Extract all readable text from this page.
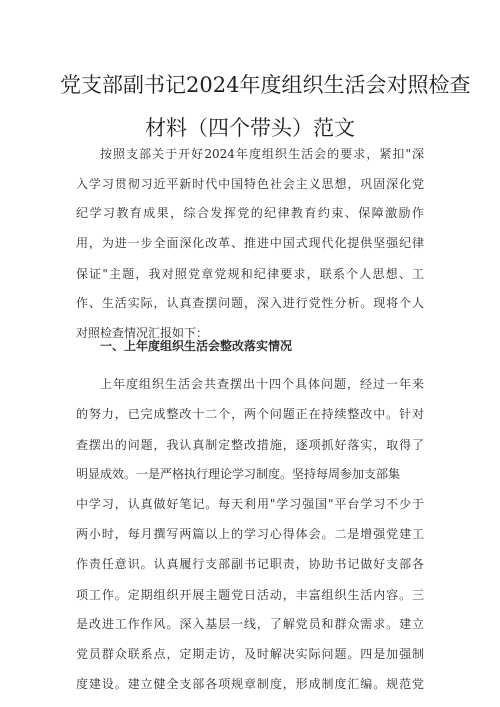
党支部副书记2024年度组织生活会对照检查
材料（四个带头）范文
按照支部关于开好2024年度组织生活会的要求，紧扣"深
入学习贯彻习近平新时代中国特色社会主义思想，巩固深化党
纪学习教育成果，综合发挥党的纪律教育约束、保障激励作
用，为进一步全面深化改革、推进中国式现代化提供坚强纪律
保证"主题，我对照党章党规和纪律要求，联系个人思想、工
作、生活实际，认真查摆问题，深入进行党性分析。现将个人
对照检查情况汇报如下：
一、上年度组织生活会整改落实情况
上年度组织生活会共查摆出十四个具体问题，经过一年来
的努力，已完成整改十二个，两个问题正在持续整改中。针对
查摆出的问题，我认真制定整改措施，逐项抓好落实，取得了
明显成效。一是严格执行理论学习制度。坚持每周参加支部集
中学习，认真做好笔记。每天利用"学习强国"平台学习不少于
两小时，每月撰写两篇以上的学习心得体会。二是增强党建工
作责任意识。认真履行支部副书记职责，协助书记做好支部各
项工作。定期组织开展主题党日活动，丰富组织生活内容。三
是改进工作作风。深入基层一线，了解党员和群众需求。建立
党员群众联系点，定期走访，及时解决实际问题。四是加强制
度建设。建立健全支部各项规章制度，形成制度汇编。规范党
